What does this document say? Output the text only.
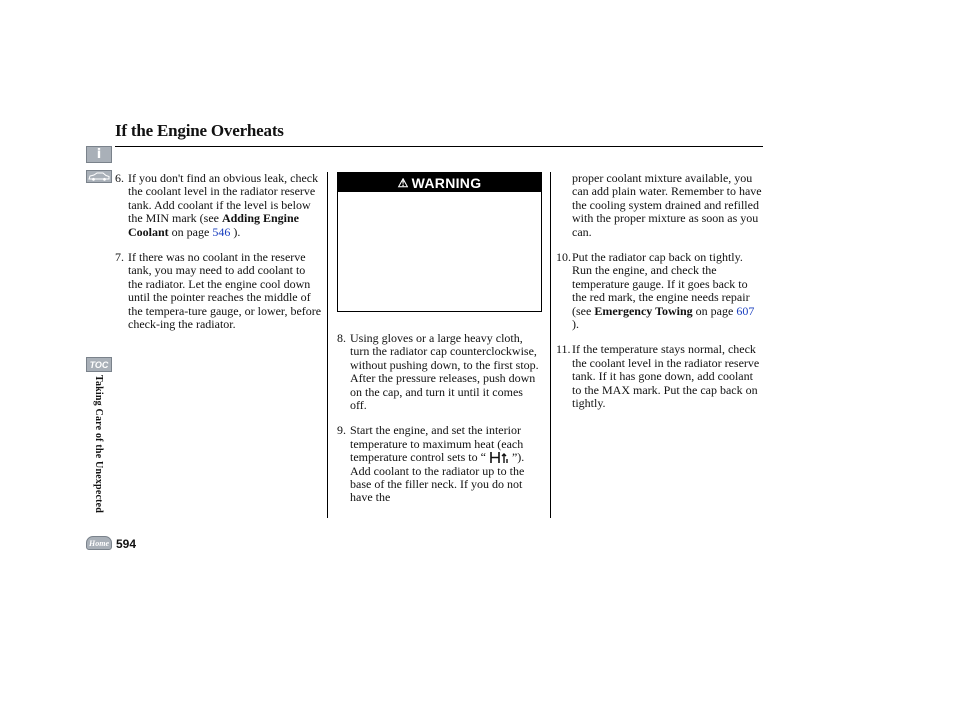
If the Engine Overheats
i
TOC
Taking Care of the Unexpected
Home 594
6. If you don't find an obvious leak, check the coolant level in the radiator reserve tank. Add coolant if the level is below the MIN mark (see Adding Engine Coolant on page 546 ).
7. If there was no coolant in the reserve tank, you may need to add coolant to the radiator. Let the engine cool down until the pointer reaches the middle of the tempera-ture gauge, or lower, before check-ing the radiator.
⚠ WARNING
8. Using gloves or a large heavy cloth, turn the radiator cap counterclockwise, without pushing down, to the first stop. After the pressure releases, push down on the cap, and turn it until it comes off.
9. Start the engine, and set the interior temperature to maximum heat (each temperature control sets to “ ”). Add coolant to the radiator up to the base of the filler neck. If you do not have the
proper coolant mixture available, you can add plain water. Remember to have the cooling system drained and refilled with the proper mixture as soon as you can.
10. Put the radiator cap back on tightly. Run the engine, and check the temperature gauge. If it goes back to the red mark, the engine needs repair (see Emergency Towing on page 607 ).
11. If the temperature stays normal, check the coolant level in the radiator reserve tank. If it has gone down, add coolant to the MAX mark. Put the cap back on tightly.
